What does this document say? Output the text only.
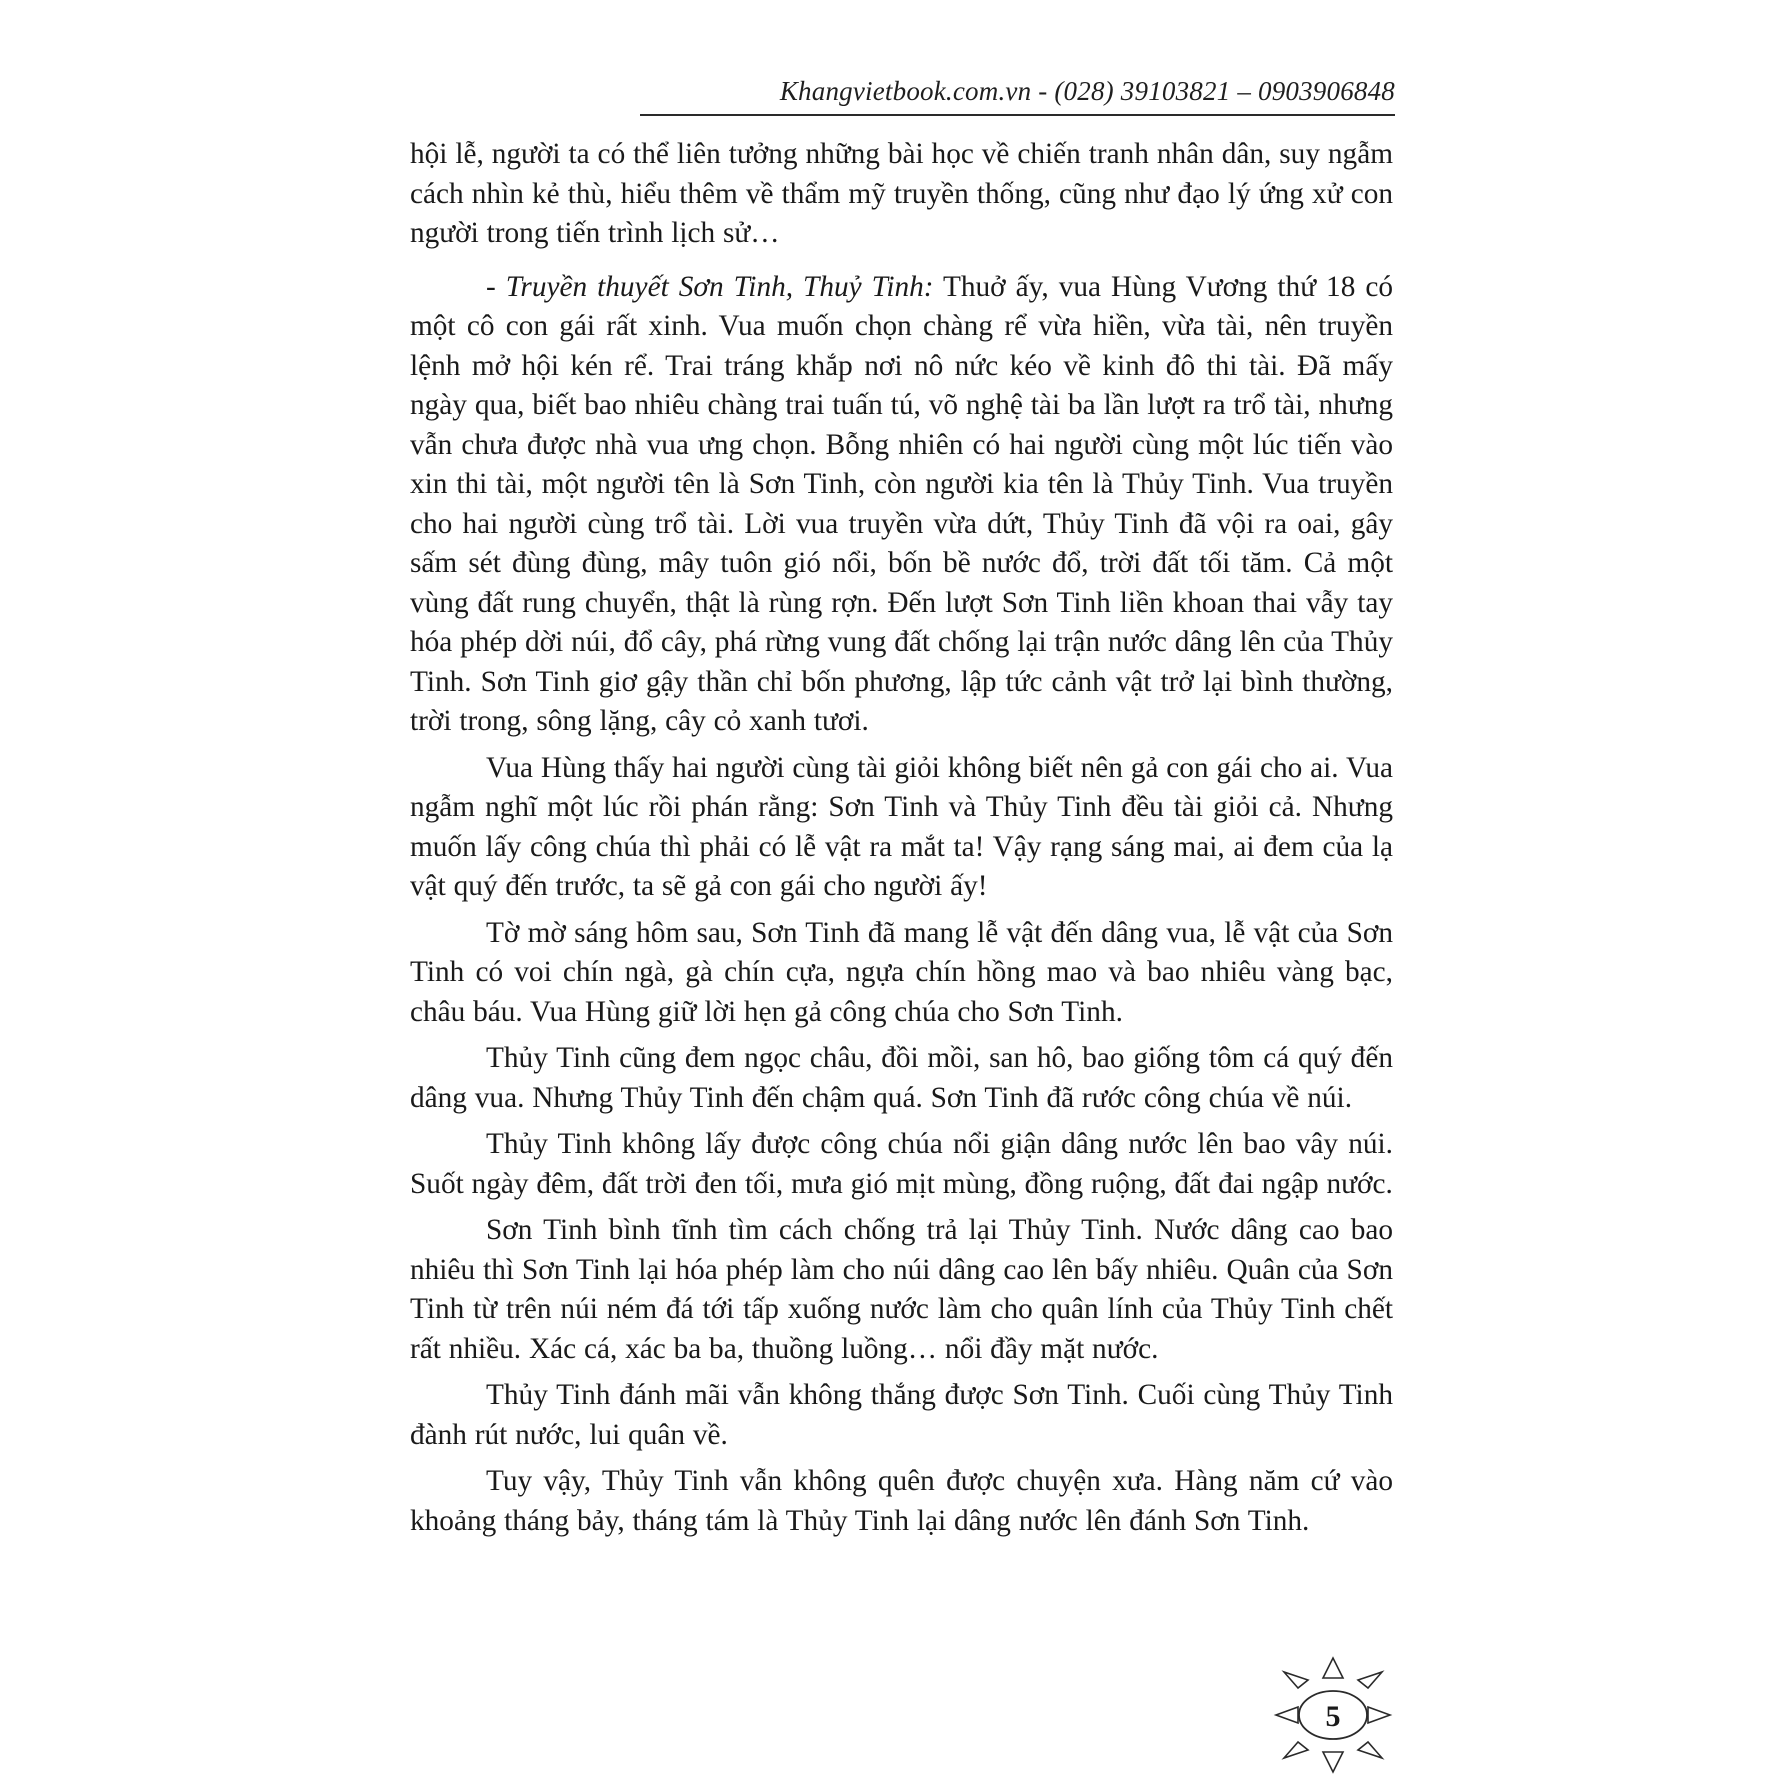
Khangvietbook.com.vn - (028) 39103821 – 0903906848

hội lễ, người ta có thể liên tưởng những bài học về chiến tranh nhân dân, suy ngẫm cách nhìn kẻ thù, hiểu thêm về thẩm mỹ truyền thống, cũng như đạo lý ứng xử con người trong tiến trình lịch sử…

- Truyền thuyết Sơn Tinh, Thuỷ Tinh: Thuở ấy, vua Hùng Vương thứ 18 có một cô con gái rất xinh. Vua muốn chọn chàng rể vừa hiền, vừa tài, nên truyền lệnh mở hội kén rể. Trai tráng khắp nơi nô nức kéo về kinh đô thi tài. Đã mấy ngày qua, biết bao nhiêu chàng trai tuấn tú, võ nghệ tài ba lần lượt ra trổ tài, nhưng vẫn chưa được nhà vua ưng chọn. Bỗng nhiên có hai người cùng một lúc tiến vào xin thi tài, một người tên là Sơn Tinh, còn người kia tên là Thủy Tinh. Vua truyền cho hai người cùng trổ tài. Lời vua truyền vừa dứt, Thủy Tinh đã vội ra oai, gây sấm sét đùng đùng, mây tuôn gió nổi, bốn bề nước đổ, trời đất tối tăm. Cả một vùng đất rung chuyển, thật là rùng rợn. Đến lượt Sơn Tinh liền khoan thai vẫy tay hóa phép dời núi, đổ cây, phá rừng vung đất chống lại trận nước dâng lên của Thủy Tinh. Sơn Tinh giơ gậy thần chỉ bốn phương, lập tức cảnh vật trở lại bình thường, trời trong, sông lặng, cây cỏ xanh tươi.

Vua Hùng thấy hai người cùng tài giỏi không biết nên gả con gái cho ai. Vua ngẫm nghĩ một lúc rồi phán rằng: Sơn Tinh và Thủy Tinh đều tài giỏi cả. Nhưng muốn lấy công chúa thì phải có lễ vật ra mắt ta! Vậy rạng sáng mai, ai đem của lạ vật quý đến trước, ta sẽ gả con gái cho người ấy!

Tờ mờ sáng hôm sau, Sơn Tinh đã mang lễ vật đến dâng vua, lễ vật của Sơn Tinh có voi chín ngà, gà chín cựa, ngựa chín hồng mao và bao nhiêu vàng bạc, châu báu. Vua Hùng giữ lời hẹn gả công chúa cho Sơn Tinh.

Thủy Tinh cũng đem ngọc châu, đồi mồi, san hô, bao giống tôm cá quý đến dâng vua. Nhưng Thủy Tinh đến chậm quá. Sơn Tinh đã rước công chúa về núi.

Thủy Tinh không lấy được công chúa nổi giận dâng nước lên bao vây núi. Suốt ngày đêm, đất trời đen tối, mưa gió mịt mùng, đồng ruộng, đất đai ngập nước.

Sơn Tinh bình tĩnh tìm cách chống trả lại Thủy Tinh. Nước dâng cao bao nhiêu thì Sơn Tinh lại hóa phép làm cho núi dâng cao lên bấy nhiêu. Quân của Sơn Tinh từ trên núi ném đá tới tấp xuống nước làm cho quân lính của Thủy Tinh chết rất nhiều. Xác cá, xác ba ba, thuồng luồng… nổi đầy mặt nước.

Thủy Tinh đánh mãi vẫn không thắng được Sơn Tinh. Cuối cùng Thủy Tinh đành rút nước, lui quân về.

Tuy vậy, Thủy Tinh vẫn không quên được chuyện xưa. Hàng năm cứ vào khoảng tháng bảy, tháng tám là Thủy Tinh lại dâng nước lên đánh Sơn Tinh.

5
